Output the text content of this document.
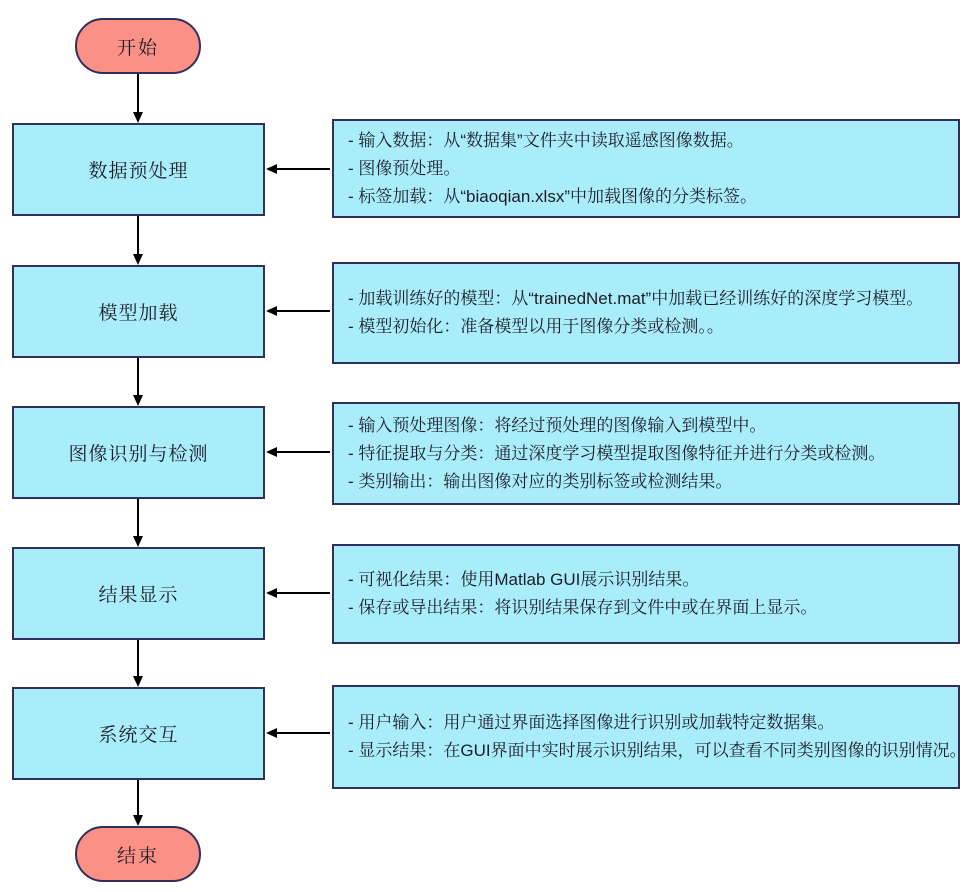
开始
数据预处理
- 输入数据：从“数据集”文件夹中读取遥感图像数据。
- 图像预处理。
- 标签加载：从“biaoqian.xlsx”中加载图像的分类标签。
模型加载
- 加载训练好的模型：从“trainedNet.mat”中加载已经训练好的深度学习模型。
- 模型初始化：准备模型以用于图像分类或检测。。
图像识别与检测
- 输入预处理图像：将经过预处理的图像输入到模型中。
- 特征提取与分类：通过深度学习模型提取图像特征并进行分类或检测。
- 类别输出：输出图像对应的类别标签或检测结果。
结果显示
- 可视化结果：使用Matlab GUI展示识别结果。
- 保存或导出结果：将识别结果保存到文件中或在界面上显示。
系统交互
- 用户输入：用户通过界面选择图像进行识别或加载特定数据集。
- 显示结果：在GUI界面中实时展示识别结果，可以查看不同类别图像的识别情况。
结束
